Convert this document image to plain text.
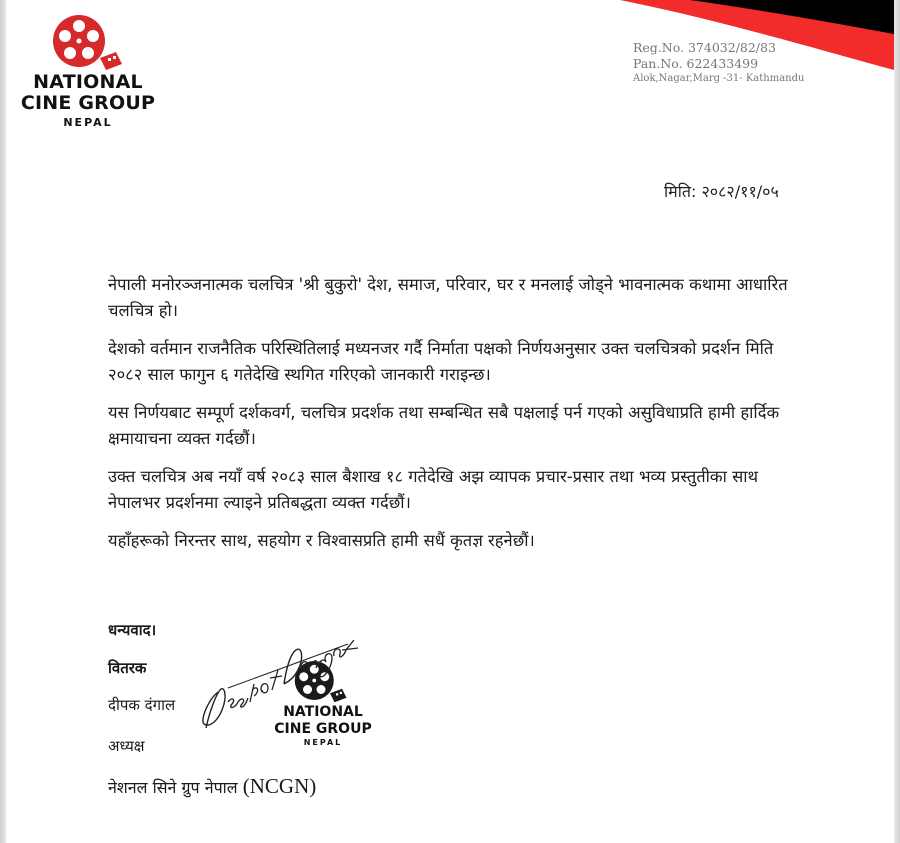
NATIONAL
CINE GROUP
NEPAL
Reg.No. 374032/82/83
Pan.No. 622433499
Alok,Nagar,Marg -31- Kathmandu
मिति: २०८२/११/०५

नेपाली मनोरञ्जनात्मक चलचित्र 'श्री बुकुरो' देश, समाज, परिवार, घर र मनलाई जोड्ने भावनात्मक कथामा आधारित चलचित्र हो।

देशको वर्तमान राजनैतिक परिस्थितिलाई मध्यनजर गर्दै निर्माता पक्षको निर्णयअनुसार उक्त चलचित्रको प्रदर्शन मिति २०८२ साल फागुन ६ गतेदेखि स्थगित गरिएको जानकारी गराइन्छ।

यस निर्णयबाट सम्पूर्ण दर्शकवर्ग, चलचित्र प्रदर्शक तथा सम्बन्धित सबै पक्षलाई पर्न गएको असुविधाप्रति हामी हार्दिक क्षमायाचना व्यक्त गर्दछौं।

उक्त चलचित्र अब नयाँ वर्ष २०८३ साल बैशाख १८ गतेदेखि अझ व्यापक प्रचार-प्रसार तथा भव्य प्रस्तुतीका साथ नेपालभर प्रदर्शनमा ल्याइने प्रतिबद्धता व्यक्त गर्दछौं।

यहाँहरूको निरन्तर साथ, सहयोग र विश्वासप्रति हामी सधैं कृतज्ञ रहनेछौं।

धन्यवाद।
वितरक
दीपक दंगाल
अध्यक्ष
नेशनल सिने ग्रुप नेपाल (NCGN)
NATIONAL
CINE GROUP
NEPAL
